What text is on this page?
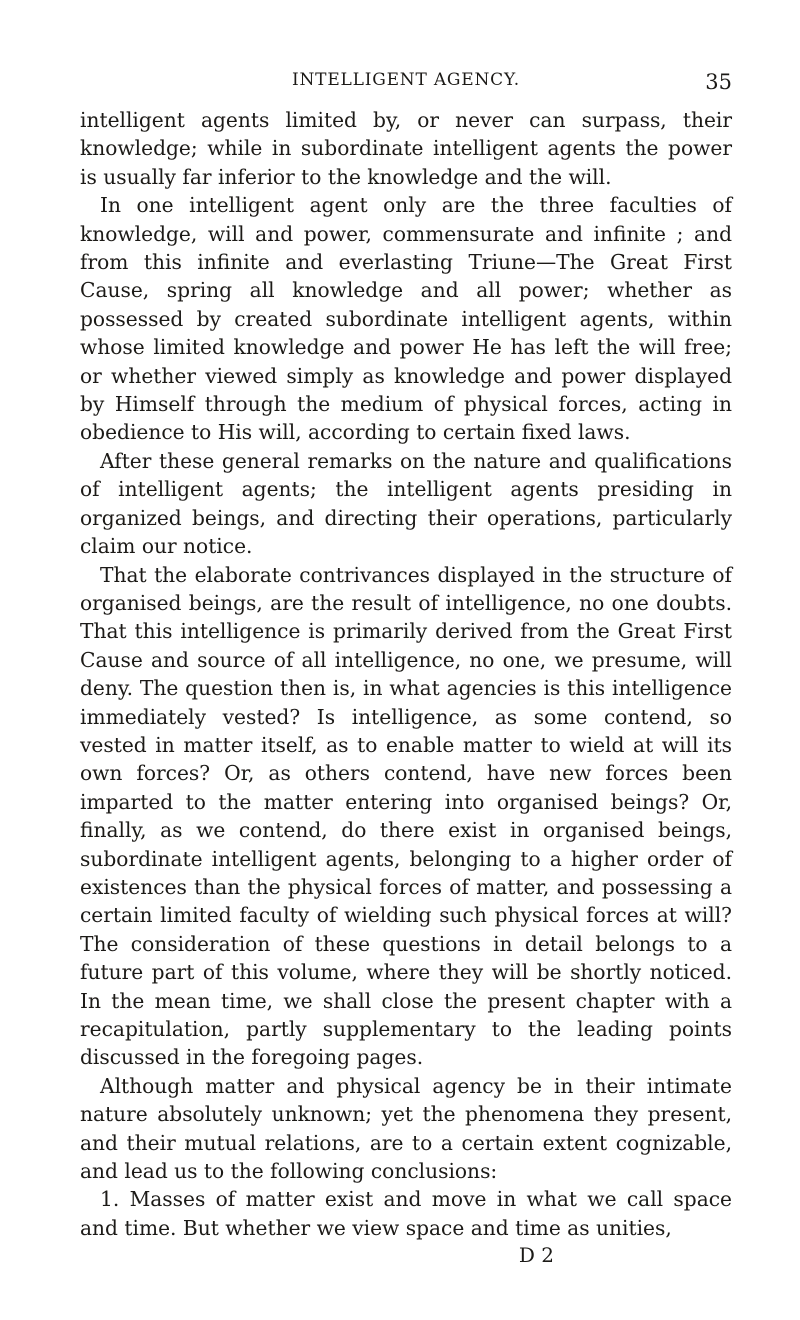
INTELLIGENT AGENCY.	35

intelligent agents limited by, or never can surpass, their knowledge; while in subordinate intelligent agents the power is usually far inferior to the knowledge and the will.

In one intelligent agent only are the three faculties of knowledge, will and power, commensurate and infinite ; and from this infinite and everlasting Triune—The Great First Cause, spring all knowledge and all power; whether as possessed by created subordinate intelligent agents, within whose limited knowledge and power He has left the will free; or whether viewed simply as knowledge and power displayed by Himself through the medium of physical forces, acting in obedience to His will, according to certain fixed laws.

After these general remarks on the nature and qualifications of intelligent agents; the intelligent agents presiding in organized beings, and directing their operations, particularly claim our notice.

That the elaborate contrivances displayed in the structure of organised beings, are the result of intelligence, no one doubts. That this intelligence is primarily derived from the Great First Cause and source of all intelligence, no one, we presume, will deny. The question then is, in what agencies is this intelligence immediately vested? Is intelligence, as some contend, so vested in matter itself, as to enable matter to wield at will its own forces? Or, as others contend, have new forces been imparted to the matter entering into organised beings? Or, finally, as we contend, do there exist in organised beings, subordinate intelligent agents, belonging to a higher order of existences than the physical forces of matter, and possessing a certain limited faculty of wielding such physical forces at will? The consideration of these questions in detail belongs to a future part of this volume, where they will be shortly noticed. In the mean time, we shall close the present chapter with a recapitulation, partly supplementary to the leading points discussed in the foregoing pages.

Although matter and physical agency be in their intimate nature absolutely unknown; yet the phenomena they present, and their mutual relations, are to a certain extent cognizable, and lead us to the following conclusions:

1. Masses of matter exist and move in what we call space and time. But whether we view space and time as unities,

D 2
